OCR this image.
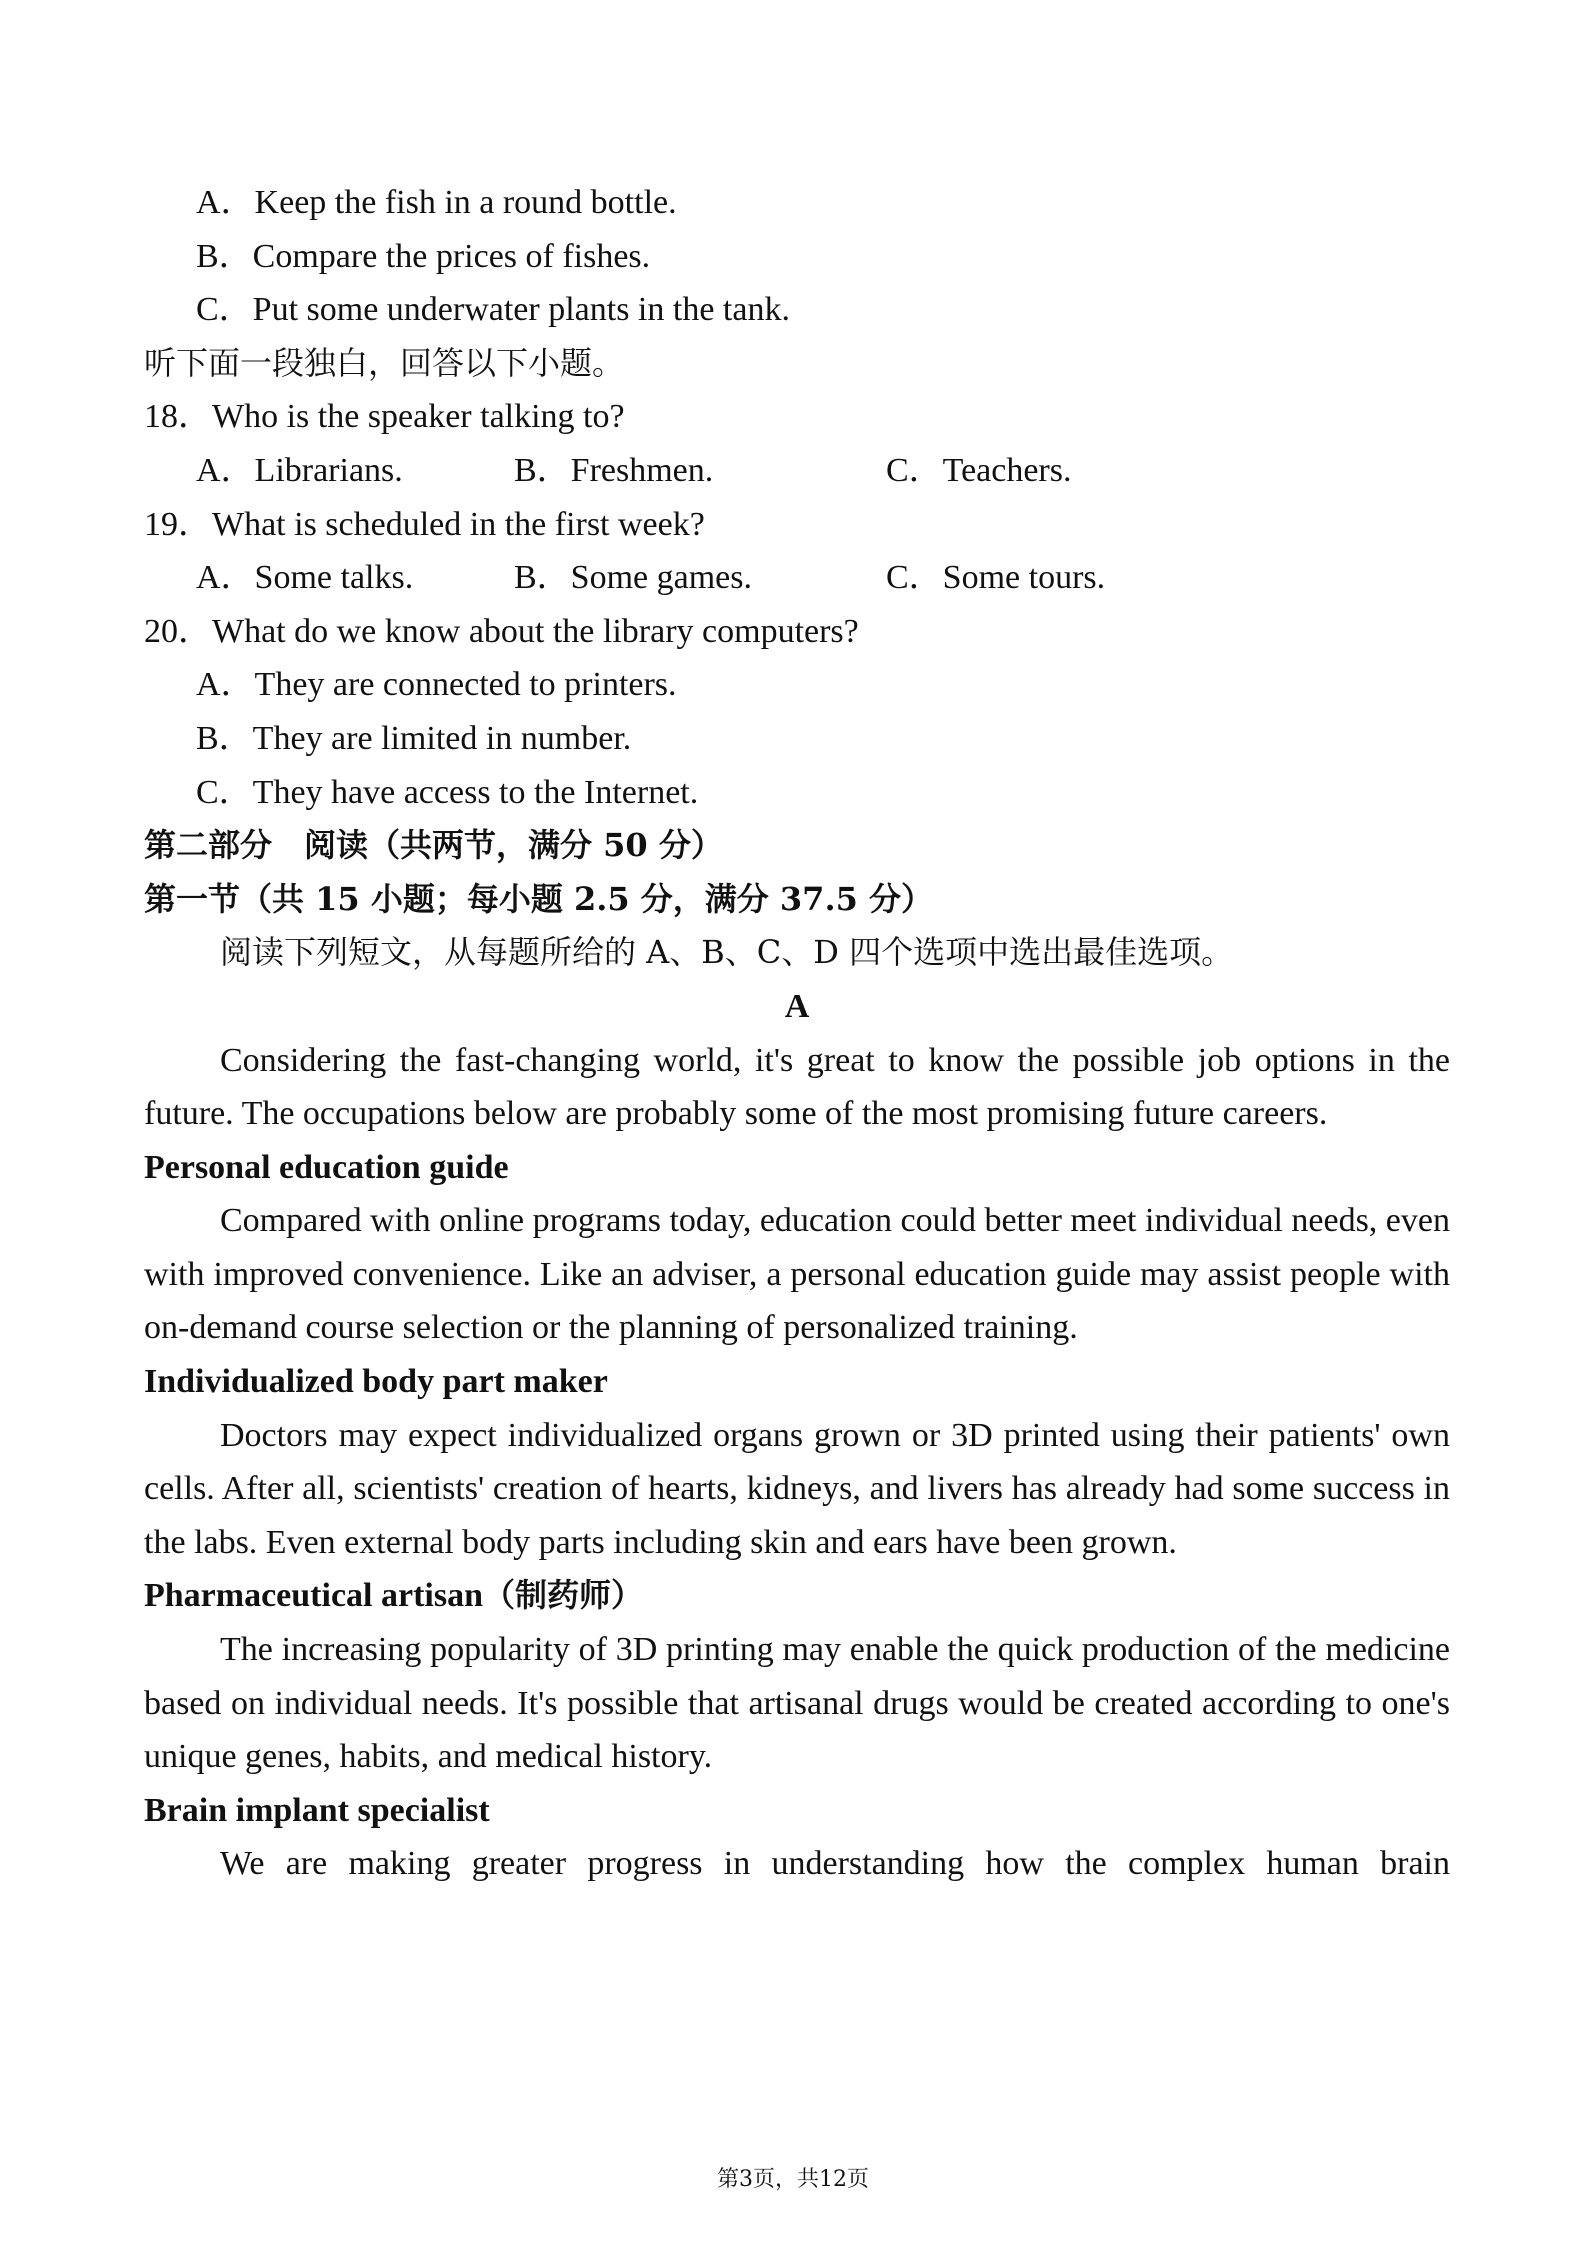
A．Keep the fish in a round bottle.
B．Compare the prices of fishes.
C．Put some underwater plants in the tank.
听下面一段独白，回答以下小题。
18．Who is the speaker talking to?
A．Librarians.	B．Freshmen.	C．Teachers.
19．What is scheduled in the first week?
A．Some talks.	B．Some games.	C．Some tours.
20．What do we know about the library computers?
A．They are connected to printers.
B．They are limited in number.
C．They have access to the Internet.
第二部分　阅读（共两节，满分 50 分）
第一节（共 15 小题；每小题 2.5 分，满分 37.5 分）
阅读下列短文，从每题所给的 A、B、C、D 四个选项中选出最佳选项。
A

Considering the fast-changing world, it's great to know the possible job options in the future. The occupations below are probably some of the most promising future careers.

Personal education guide

Compared with online programs today, education could better meet individual needs, even with improved convenience. Like an adviser, a personal education guide may assist people with on-demand course selection or the planning of personalized training.

Individualized body part maker

Doctors may expect individualized organs grown or 3D printed using their patients' own cells. After all, scientists' creation of hearts, kidneys, and livers has already had some success in the labs. Even external body parts including skin and ears have been grown.

Pharmaceutical artisan（制药师）

The increasing popularity of 3D printing may enable the quick production of the medicine based on individual needs. It's possible that artisanal drugs would be created according to one's unique genes, habits, and medical history.

Brain implant specialist

We are making greater progress in understanding how the complex human brain

第3页，共12页
